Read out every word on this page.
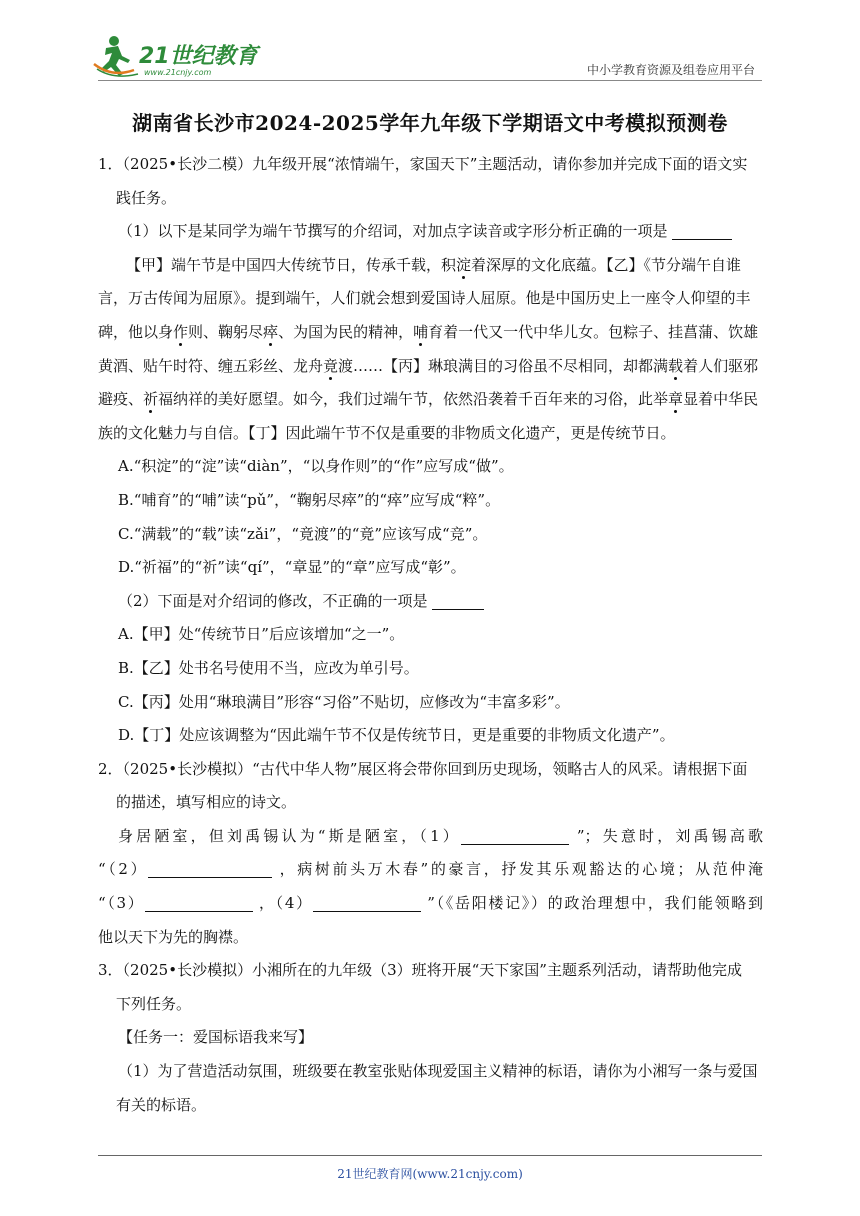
21世纪教育
www.21cnjy.com	中小学教育资源及组卷应用平台
湖南省长沙市2024-2025学年九年级下学期语文中考模拟预测卷
1．（2025•长沙二模）九年级开展“浓情端午，家国天下”主题活动，请你参加并完成下面的语文实
践任务。
（1）以下是某同学为端午节撰写的介绍词，对加点字读音或字形分析正确的一项是
【甲】端午节是中国四大传统节日，传承千载，积淀着深厚的文化底蕴。【乙】《节分端午自谁
言，万古传闻为屈原》。提到端午，人们就会想到爱国诗人屈原。他是中国历史上一座令人仰望的丰
碑，他以身作则、鞠躬尽瘁、为国为民的精神，哺育着一代又一代中华儿女。包粽子、挂菖蒲、饮雄
黄酒、贴午时符、缠五彩丝、龙舟竟渡……【丙】琳琅满目的习俗虽不尽相同，却都满载着人们驱邪
避疫、祈福纳祥的美好愿望。如今，我们过端午节，依然沿袭着千百年来的习俗，此举章显着中华民
族的文化魅力与自信。【丁】因此端午节不仅是重要的非物质文化遗产，更是传统节日。
A.“积淀”的“淀”读“diàn”，“以身作则”的“作”应写成“做”。
B.“哺育”的“哺”读“pǔ”，“鞠躬尽瘁”的“瘁”应写成“粹”。
C.“满载”的“载”读“zǎi”，“竟渡”的“竟”应该写成“竞”。
D.“祈福”的“祈”读“qí”，“章显”的“章”应写成“彰”。
（2）下面是对介绍词的修改，不正确的一项是
A.【甲】处“传统节日”后应该增加“之一”。
B.【乙】处书名号使用不当，应改为单引号。
C.【丙】处用“琳琅满目”形容“习俗”不贴切，应修改为“丰富多彩”。
D.【丁】处应该调整为“因此端午节不仅是传统节日，更是重要的非物质文化遗产”。
2．（2025•长沙模拟）“古代中华人物”展区将会带你回到历史现场，领略古人的风采。请根据下面
的描述，填写相应的诗文。
身居陋室，但刘禹锡认为“斯是陋室，（1）	”；失意时，刘禹锡高歌
“（2）	，病树前头万木春”的豪言，抒发其乐观豁达的心境；从范仲淹
“（3）	，（4）	”（《岳阳楼记》）的政治理想中，我们能领略到
他以天下为先的胸襟。
3．（2025•长沙模拟）小湘所在的九年级（3）班将开展“天下家国”主题系列活动，请帮助他完成
下列任务。
【任务一：爱国标语我来写】
（1）为了营造活动氛围，班级要在教室张贴体现爱国主义精神的标语，请你为小湘写一条与爱国
有关的标语。
21世纪教育网(www.21cnjy.com)
